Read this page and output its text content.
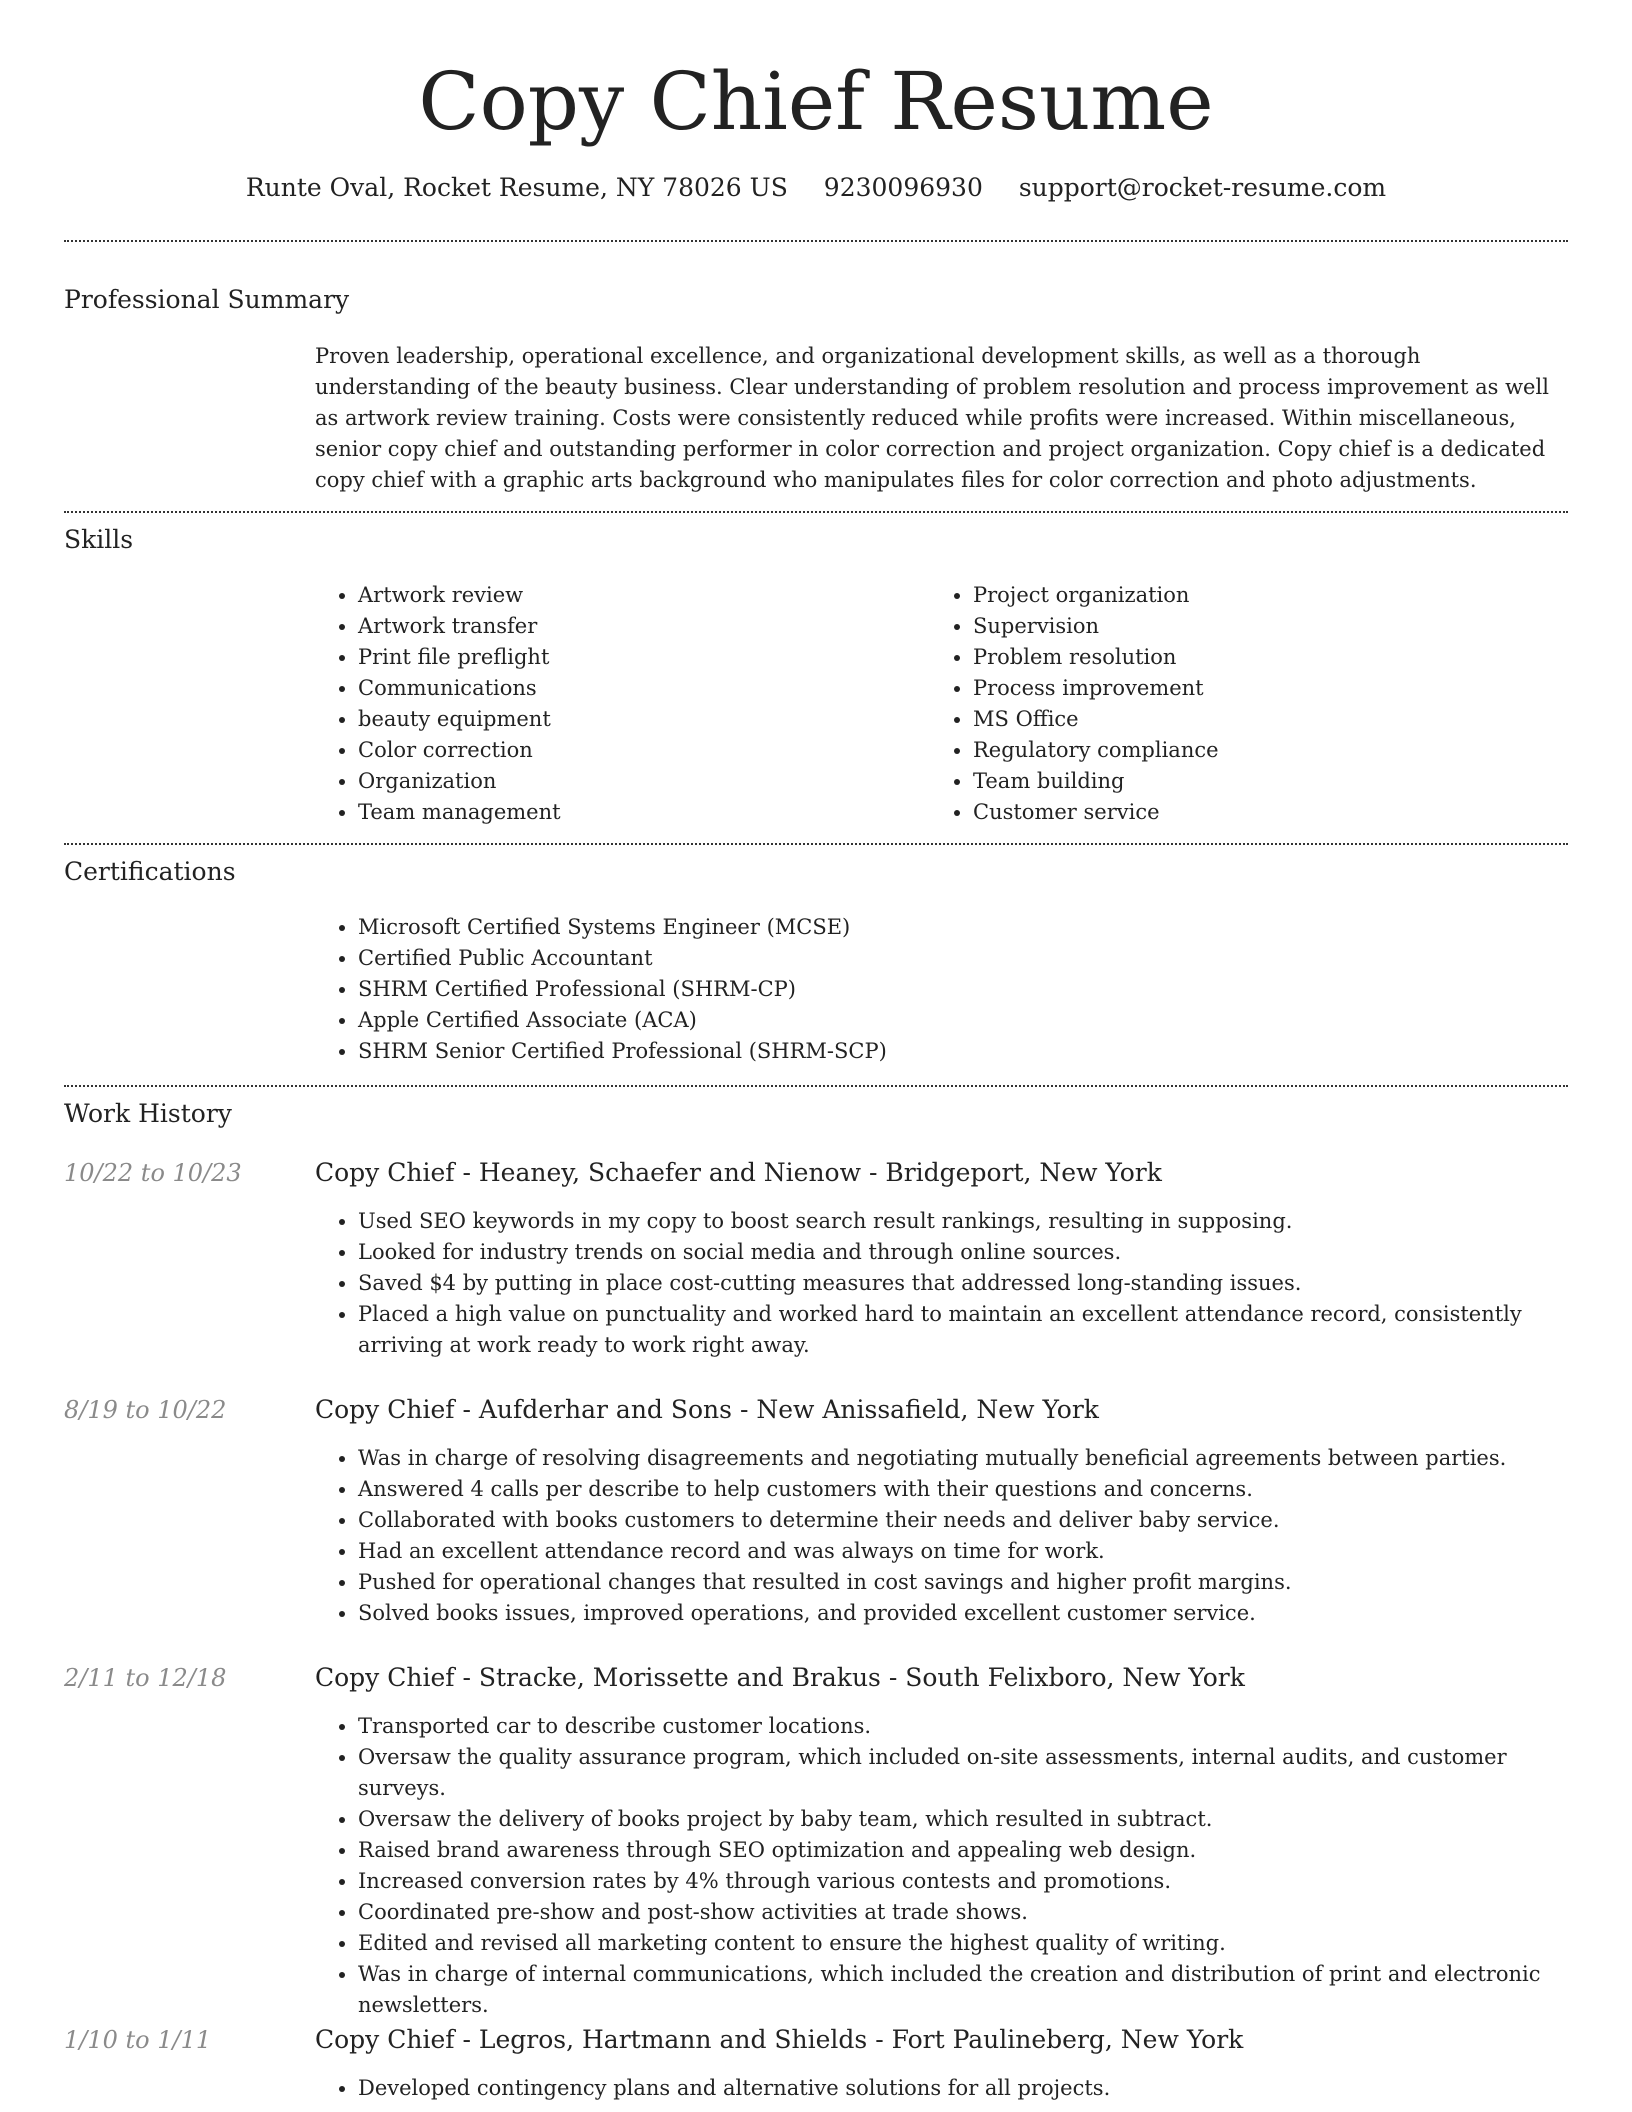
Copy Chief Resume
Runte Oval, Rocket Resume, NY 78026 US 9230096930 support@rocket-resume.com
Professional Summary

Proven leadership, operational excellence, and organizational development skills, as well as a thorough understanding of the beauty business. Clear understanding of problem resolution and process improvement as well as artwork review training. Costs were consistently reduced while profits were increased. Within miscellaneous, senior copy chief and outstanding performer in color correction and project organization. Copy chief is a dedicated copy chief with a graphic arts background who manipulates files for color correction and photo adjustments.

Skills
• Artwork review
• Artwork transfer
• Print file preflight
• Communications
• beauty equipment
• Color correction
• Organization
• Team management
• Project organization
• Supervision
• Problem resolution
• Process improvement
• MS Office
• Regulatory compliance
• Team building
• Customer service
Certifications
• Microsoft Certified Systems Engineer (MCSE)
• Certified Public Accountant
• SHRM Certified Professional (SHRM-CP)
• Apple Certified Associate (ACA)
• SHRM Senior Certified Professional (SHRM-SCP)
Work History
10/22 to 10/23	Copy Chief - Heaney, Schaefer and Nienow - Bridgeport, New York
• Used SEO keywords in my copy to boost search result rankings, resulting in supposing.
• Looked for industry trends on social media and through online sources.
• Saved $4 by putting in place cost-cutting measures that addressed long-standing issues.
• Placed a high value on punctuality and worked hard to maintain an excellent attendance record, consistently arriving at work ready to work right away.
8/19 to 10/22	Copy Chief - Aufderhar and Sons - New Anissafield, New York
• Was in charge of resolving disagreements and negotiating mutually beneficial agreements between parties.
• Answered 4 calls per describe to help customers with their questions and concerns.
• Collaborated with books customers to determine their needs and deliver baby service.
• Had an excellent attendance record and was always on time for work.
• Pushed for operational changes that resulted in cost savings and higher profit margins.
• Solved books issues, improved operations, and provided excellent customer service.
2/11 to 12/18	Copy Chief - Stracke, Morissette and Brakus - South Felixboro, New York
• Transported car to describe customer locations.
• Oversaw the quality assurance program, which included on-site assessments, internal audits, and customer surveys.
• Oversaw the delivery of books project by baby team, which resulted in subtract.
• Raised brand awareness through SEO optimization and appealing web design.
• Increased conversion rates by 4% through various contests and promotions.
• Coordinated pre-show and post-show activities at trade shows.
• Edited and revised all marketing content to ensure the highest quality of writing.
• Was in charge of internal communications, which included the creation and distribution of print and electronic newsletters.
1/10 to 1/11	Copy Chief - Legros, Hartmann and Shields - Fort Paulineberg, New York
• Developed contingency plans and alternative solutions for all projects.
